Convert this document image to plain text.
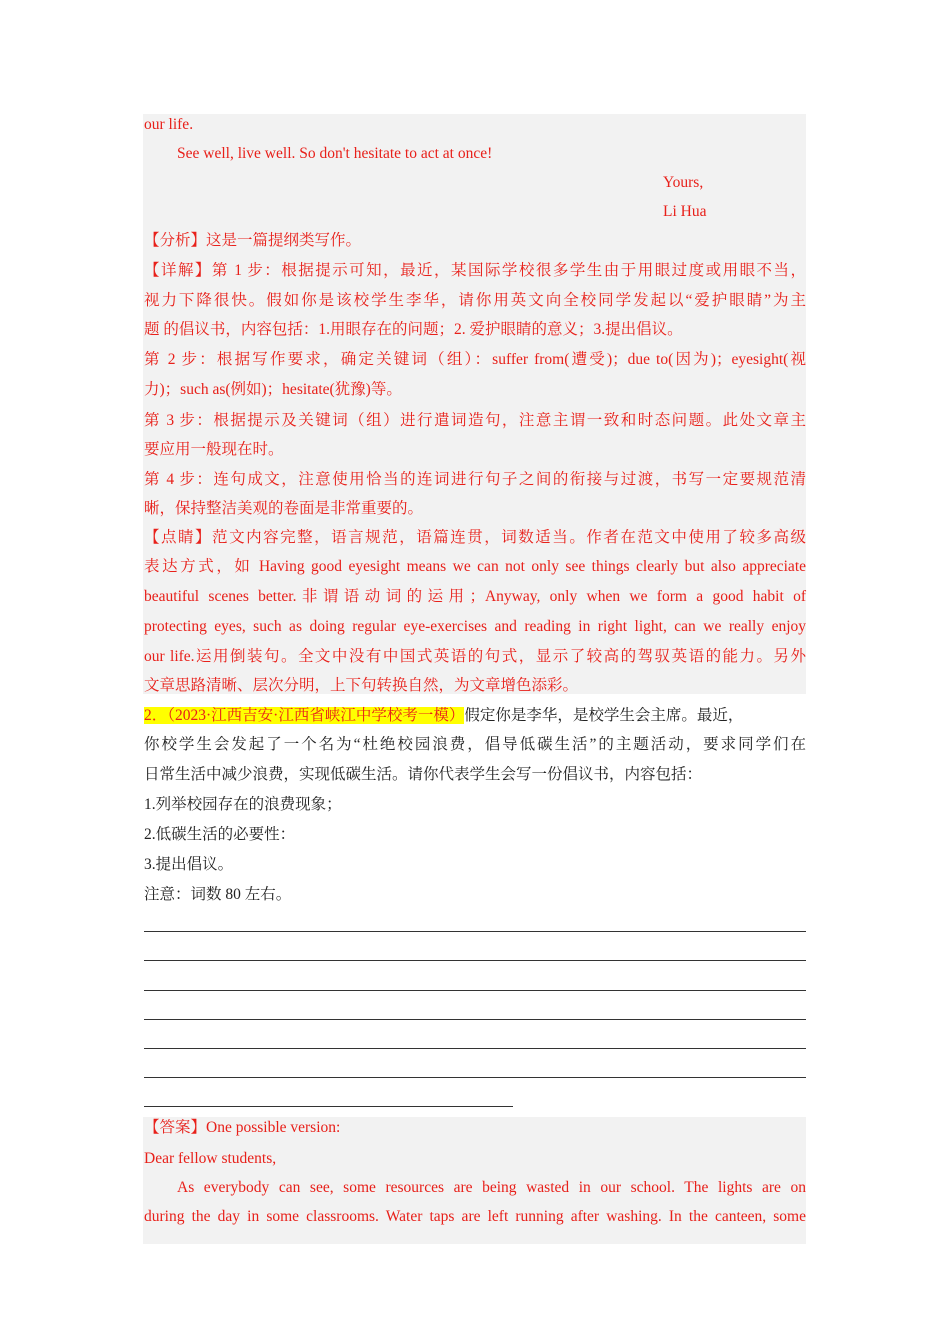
our life.
See well, live well. So don't hesitate to act at once!
Yours,
Li Hua
【分析】这是一篇提纲类写作。
【详解】第 1 步：根据提示可知，最近，某国际学校很多学生由于用眼过度或用眼不当，
视力下降很快。假如你是该校学生李华，请你用英文向全校同学发起以“爱护眼睛”为主
题 的倡议书，内容包括：1.用眼存在的问题；2. 爱护眼睛的意义；3.提出倡议。
第 2 步：根据写作要求，确定关键词（组）：suffer from(遭受)；due to(因为)；eyesight(视
力)；such as(例如)；hesitate(犹豫)等。
第 3 步：根据提示及关键词（组）进行遣词造句，注意主谓一致和时态问题。此处文章主
要应用一般现在时。
第 4 步：连句成文，注意使用恰当的连词进行句子之间的衔接与过渡，书写一定要规范清
晰，保持整洁美观的卷面是非常重要的。
【点睛】范文内容完整，语言规范，语篇连贯，词数适当。作者在范文中使用了较多高级
表达方式，如 Having good eyesight means we can not only see things clearly but also appreciate
beautiful scenes better.非谓语动词的运用；Anyway, only when we form a good habit of
protecting eyes, such as doing regular eye-exercises and reading in right light, can we really enjoy
our life.运用倒装句。全文中没有中国式英语的句式，显示了较高的驾驭英语的能力。另外
文章思路清晰、层次分明，上下句转换自然，为文章增色添彩。
2．（2023·江西吉安·江西省峡江中学校考一模）假定你是李华，是校学生会主席。最近，
你校学生会发起了一个名为“杜绝校园浪费，倡导低碳生活”的主题活动，要求同学们在
日常生活中减少浪费，实现低碳生活。请你代表学生会写一份倡议书，内容包括：
1.列举校园存在的浪费现象；
2.低碳生活的必要性：
3.提出倡议。
注意：词数 80 左右。
【答案】One possible version:
Dear fellow students,
As everybody can see, some resources are being wasted in our school. The lights are on
during the day in some classrooms. Water taps are left running after washing. In the canteen, some
